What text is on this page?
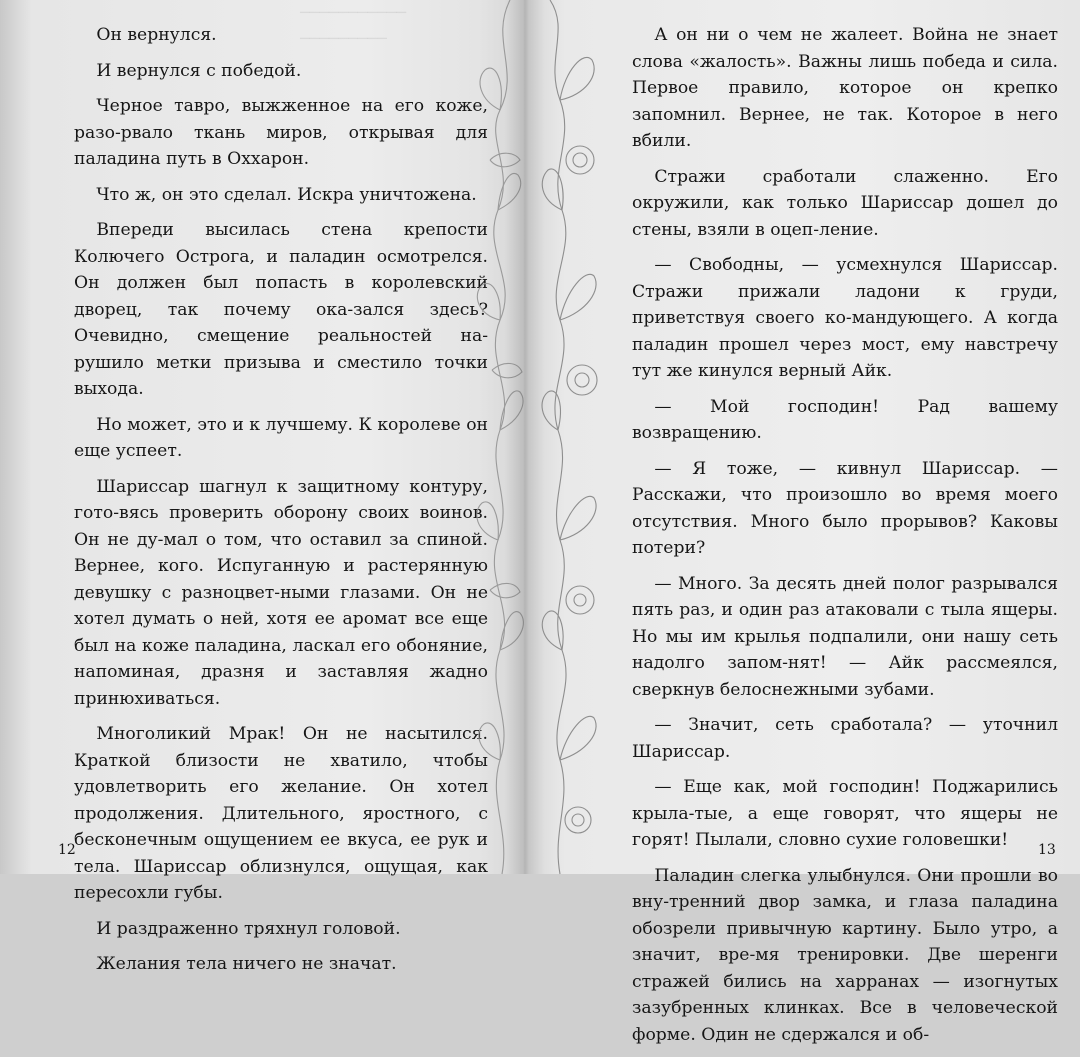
───────────
─────────

Он вернулся.

И вернулся с победой.

Черное тавро, выжженное на его коже, разо-рвало ткань миров, открывая для паладина путь в Оххарон.

Что ж, он это сделал. Искра уничтожена.

Впереди высилась стена крепости Колючего Острога, и паладин осмотрелся. Он должен был попасть в королевский дворец, так почему ока-зался здесь? Очевидно, смещение реальностей на-рушило метки призыва и сместило точки выхода.

Но может, это и к лучшему. К королеве он еще успеет.

Шариссар шагнул к защитному контуру, гото-вясь проверить оборону своих воинов. Он не ду-мал о том, что оставил за спиной. Вернее, кого. Испуганную и растерянную девушку с разноцвет-ными глазами. Он не хотел думать о ней, хотя ее аромат все еще был на коже паладина, ласкал его обоняние, напоминая, дразня и заставляя жадно принюхиваться.

Многоликий Мрак! Он не насытился. Краткой близости не хватило, чтобы удовлетворить его желание. Он хотел продолжения. Длительного, яростного, с бесконечным ощущением ее вкуса, ее рук и тела. Шариссар облизнулся, ощущая, как пересохли губы.

И раздраженно тряхнул головой.

Желания тела ничего не значат.

12

А он ни о чем не жалеет. Война не знает слова «жалость». Важны лишь победа и сила. Первое правило, которое он крепко запомнил. Вернее, не так. Которое в него вбили.

Стражи сработали слаженно. Его окружили, как только Шариссар дошел до стены, взяли в оцеп-ление.

— Свободны, — усмехнулся Шариссар. Стражи прижали ладони к груди, приветствуя своего ко-мандующего. А когда паладин прошел через мост, ему навстречу тут же кинулся верный Айк.

— Мой господин! Рад вашему возвращению.

— Я тоже, — кивнул Шариссар. — Расскажи, что произошло во время моего отсутствия. Много было прорывов? Каковы потери?

— Много. За десять дней полог разрывался пять раз, и один раз атаковали с тыла ящеры. Но мы им крылья подпалили, они нашу сеть надолго запом-нят! — Айк рассмеялся, сверкнув белоснежными зубами.

— Значит, сеть сработала? — уточнил Шариссар.

— Еще как, мой господин! Поджарились крыла-тые, а еще говорят, что ящеры не горят! Пылали, словно сухие головешки!

Паладин слегка улыбнулся. Они прошли во вну-тренний двор замка, и глаза паладина обозрели привычную картину. Было утро, а значит, вре-мя тренировки. Две шеренги стражей бились на харранах — изогнутых зазубренных клинках. Все в человеческой форме. Один не сдержался и об-

13
